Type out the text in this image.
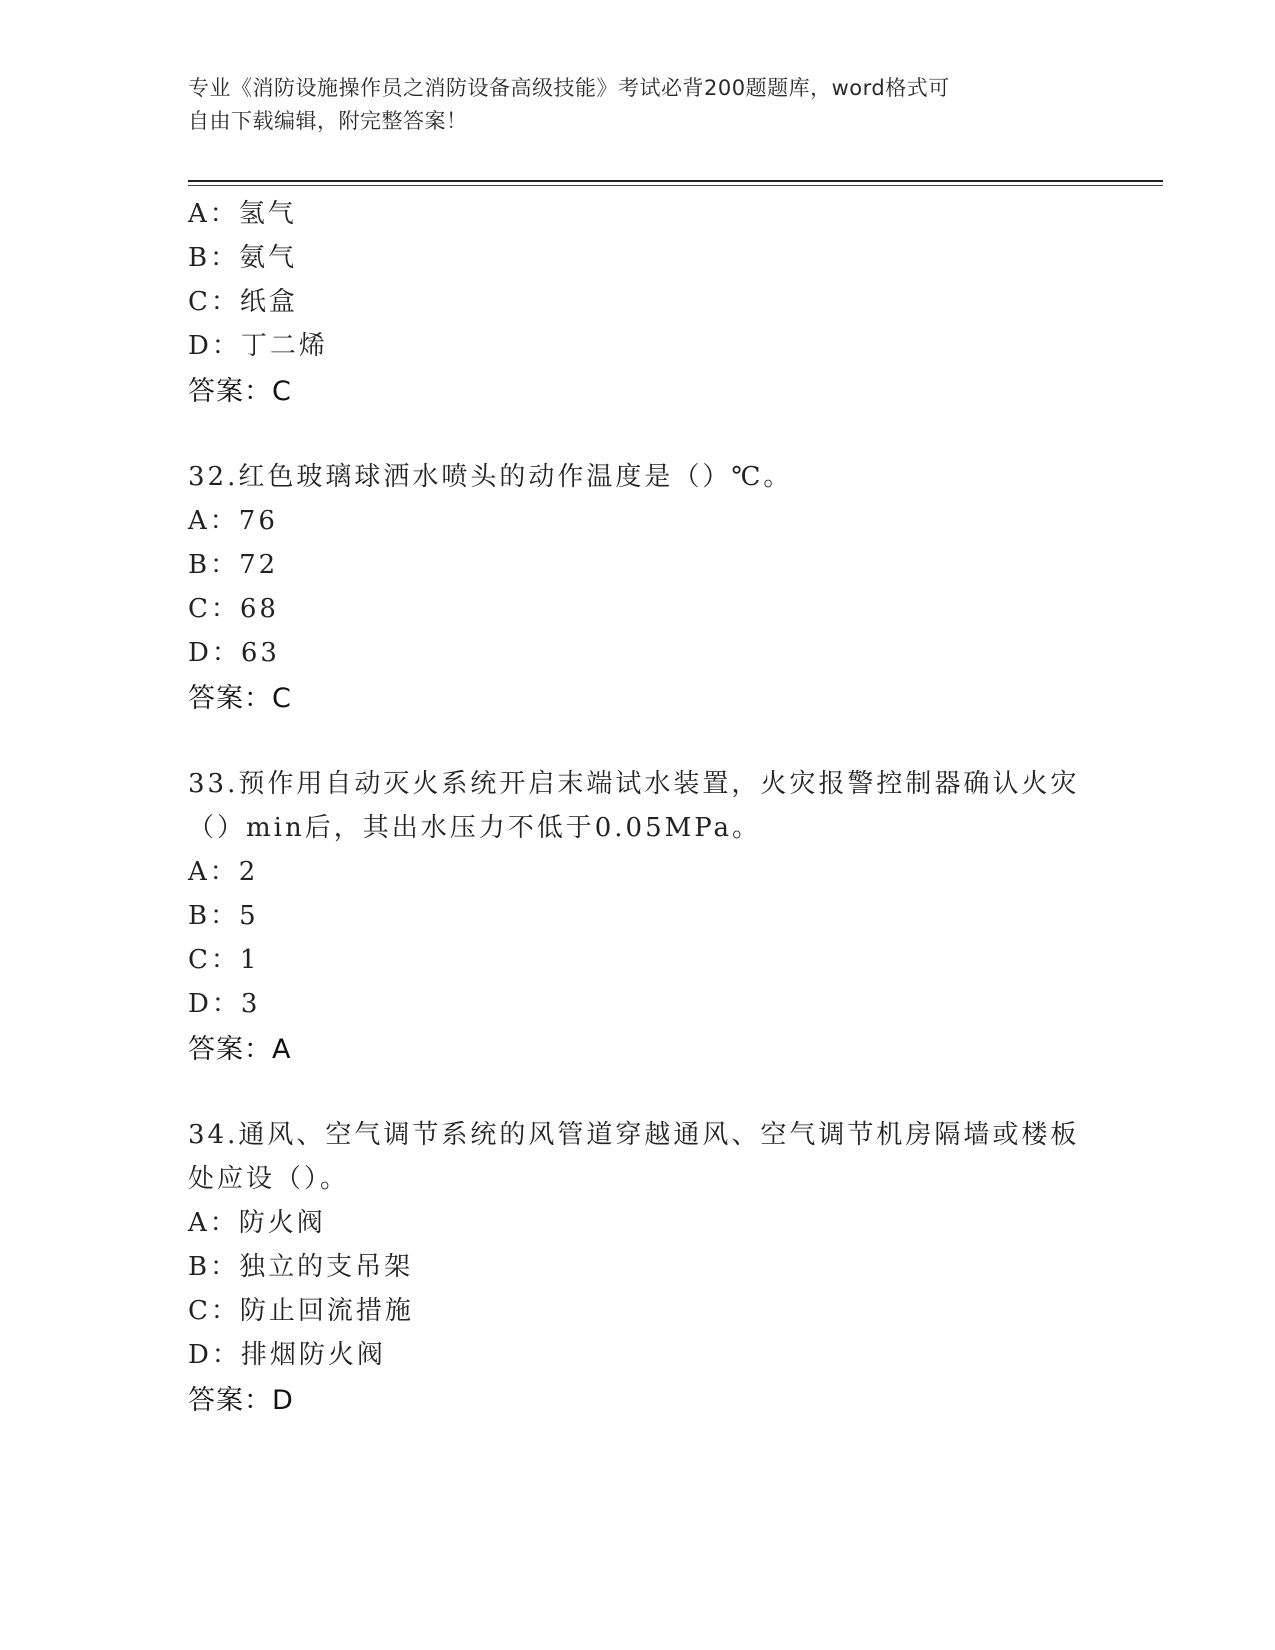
专业《消防设施操作员之消防设备高级技能》考试必背200题题库，word格式可
自由下载编辑，附完整答案！
A：氢气
B：氨气
C：纸盒
D：丁二烯
答案：C
32.红色玻璃球洒水喷头的动作温度是（）℃。
A：76
B：72
C：68
D：63
答案：C
33.预作用自动灭火系统开启末端试水装置，火灾报警控制器确认火灾
（）min后，其出水压力不低于0.05MPa。
A：2
B：5
C：1
D：3
答案：A
34.通风、空气调节系统的风管道穿越通风、空气调节机房隔墙或楼板
处应设（）。
A：防火阀
B：独立的支吊架
C：防止回流措施
D：排烟防火阀
答案：D
